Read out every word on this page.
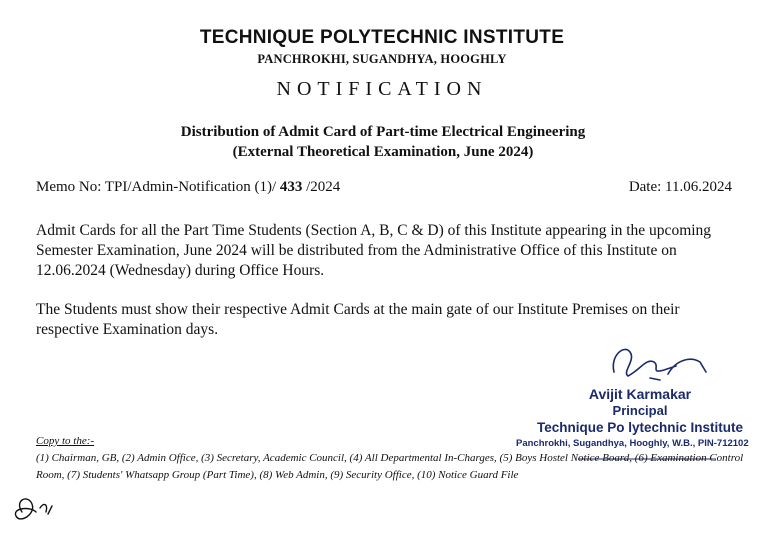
TECHNIQUE POLYTECHNIC INSTITUTE
PANCHROKHI, SUGANDHYA, HOOGHLY
NOTIFICATION
Distribution of Admit Card of Part-time Electrical Engineering
(External Theoretical Examination, June 2024)
Memo No: TPI/Admin-Notification (1)/ 433 /2024	Date: 11.06.2024
Admit Cards for all the Part Time Students (Section A, B, C & D) of this Institute appearing in the upcoming Semester Examination, June 2024 will be distributed from the Administrative Office of this Institute on 12.06.2024 (Wednesday) during Office Hours.
The Students must show their respective Admit Cards at the main gate of our Institute Premises on their respective Examination days.
Avijit Karmakar
Principal
Technique Po lytechnic Institute
Panchrokhi, Sugandhya, Hooghly, W.B., PIN-712102
Copy to the:-
(1) Chairman, GB, (2) Admin Office, (3) Secretary, Academic Council, (4) All Departmental In-Charges, (5) Boys Hostel Notice Board, (6) Examination Control Room, (7) Students' Whatsapp Group (Part Time), (8) Web Admin, (9) Security Office, (10) Notice Guard File
